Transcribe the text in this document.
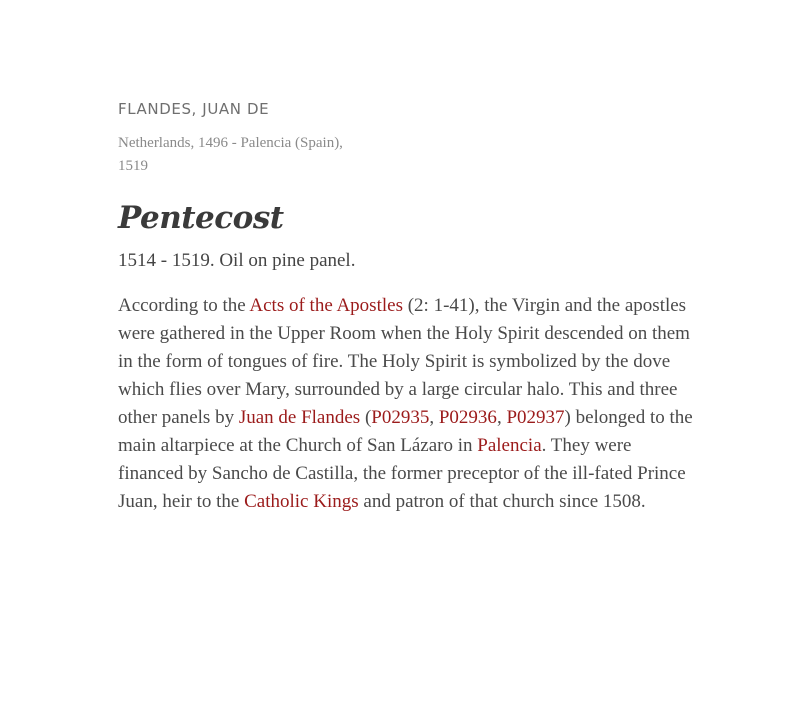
FLANDES, JUAN DE
Netherlands, 1496 - Palencia (Spain), 1519
Pentecost
1514 - 1519. Oil on pine panel.

According to the Acts of the Apostles (2: 1-41), the Virgin and the apostles were gathered in the Upper Room when the Holy Spirit descended on them in the form of tongues of fire. The Holy Spirit is symbolized by the dove which flies over Mary, surrounded by a large circular halo. This and three other panels by Juan de Flandes (P02935, P02936, P02937) belonged to the main altarpiece at the Church of San Lázaro in Palencia. They were financed by Sancho de Castilla, the former preceptor of the ill-fated Prince Juan, heir to the Catholic Kings and patron of that church since 1508.
